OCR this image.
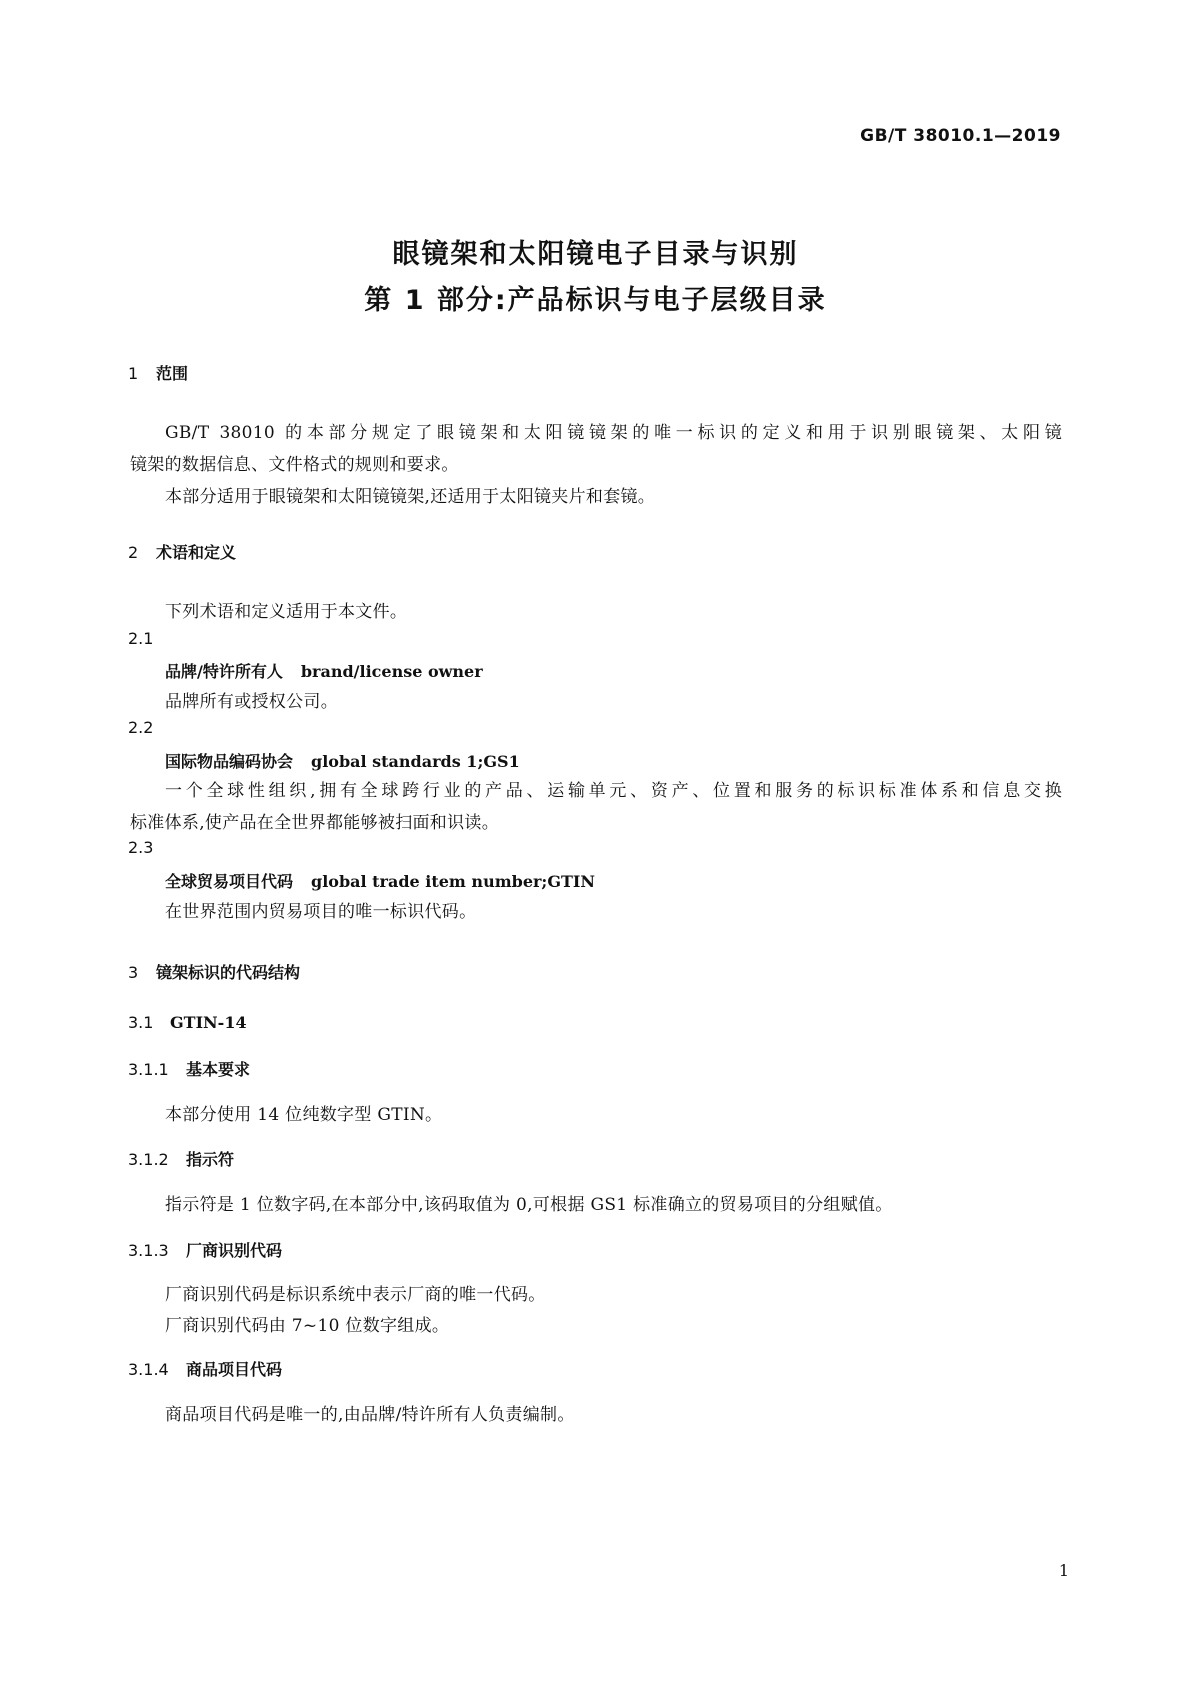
GB/T 38010.1—2019
眼镜架和太阳镜电子目录与识别
第 1 部分:产品标识与电子层级目录
1 范围
GB/T 38010 的本部分规定了眼镜架和太阳镜镜架的唯一标识的定义和用于识别眼镜架、太阳镜
镜架的数据信息、文件格式的规则和要求。
本部分适用于眼镜架和太阳镜镜架,还适用于太阳镜夹片和套镜。
2 术语和定义
下列术语和定义适用于本文件。
2.1
品牌/特许所有人 brand/license owner
品牌所有或授权公司。
2.2
国际物品编码协会 global standards 1;GS1
一个全球性组织,拥有全球跨行业的产品、运输单元、资产、位置和服务的标识标准体系和信息交换
标准体系,使产品在全世界都能够被扫面和识读。
2.3
全球贸易项目代码 global trade item number;GTIN
在世界范围内贸易项目的唯一标识代码。
3 镜架标识的代码结构
3.1 GTIN-14
3.1.1 基本要求
本部分使用 14 位纯数字型 GTIN。
3.1.2 指示符
指示符是 1 位数字码,在本部分中,该码取值为 0,可根据 GS1 标准确立的贸易项目的分组赋值。
3.1.3 厂商识别代码
厂商识别代码是标识系统中表示厂商的唯一代码。
厂商识别代码由 7~10 位数字组成。
3.1.4 商品项目代码
商品项目代码是唯一的,由品牌/特许所有人负责编制。
1
